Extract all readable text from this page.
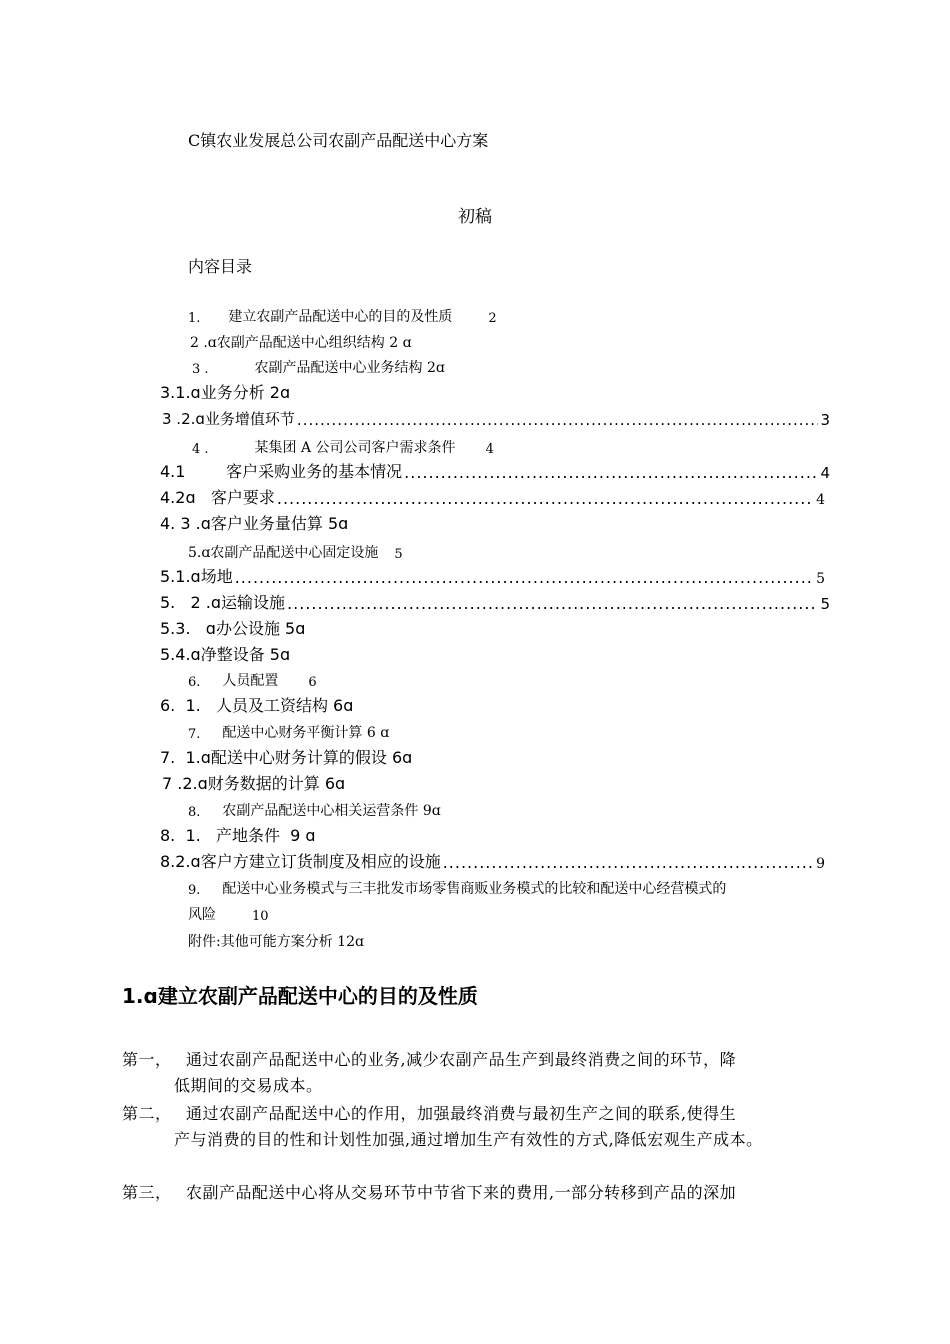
C镇农业发展总公司农副产品配送中心方案
初稿
内容目录
1. 建立农副产品配送中心的目的及性质	2
2 .ɑ农副产品配送中心组织结构 2 ɑ
3 .	农副产品配送中心业务结构 2ɑ
3.1.ɑ业务分析 2ɑ
3 .2.ɑ业务增值环节 .....	3
4 .	某集团 A 公司公司客户需求条件 4
4.1        客户采购业务的基本情况 .....	4
4.2ɑ   客户要求 .....	4
4. 3 .ɑ客户业务量估算 5ɑ
5.ɑ农副产品配送中心固定设施 5
5.1.ɑ场地 .....	5
5.   2 .ɑ运输设施 .....	5
5.3.   ɑ办公设施 5ɑ
5.4.ɑ净整设备 5ɑ
6. 人员配置 6
6.  1.   人员及工资结构 6ɑ
7. 配送中心财务平衡计算 6 ɑ
7.  1.ɑ配送中心财务计算的假设 6ɑ
7 .2.ɑ财务数据的计算 6ɑ
8. 农副产品配送中心相关运营条件 9ɑ
8.  1.   产地条件  9 ɑ
8.2.ɑ客户方建立订货制度及相应的设施 .....	9
9. 配送中心业务模式与三丰批发市场零售商贩业务模式的比较和配送中心经营模式的
风险	10
附件:其他可能方案分析 12ɑ
1.ɑ建立农副产品配送中心的目的及性质
第一， 通过农副产品配送中心的业务,减少农副产品生产到最终消费之间的环节，降
低期间的交易成本。
第二， 通过农副产品配送中心的作用，加强最终消费与最初生产之间的联系,使得生
产与消费的目的性和计划性加强,通过增加生产有效性的方式,降低宏观生产成本。
第三， 农副产品配送中心将从交易环节中节省下来的费用,一部分转移到产品的深加
